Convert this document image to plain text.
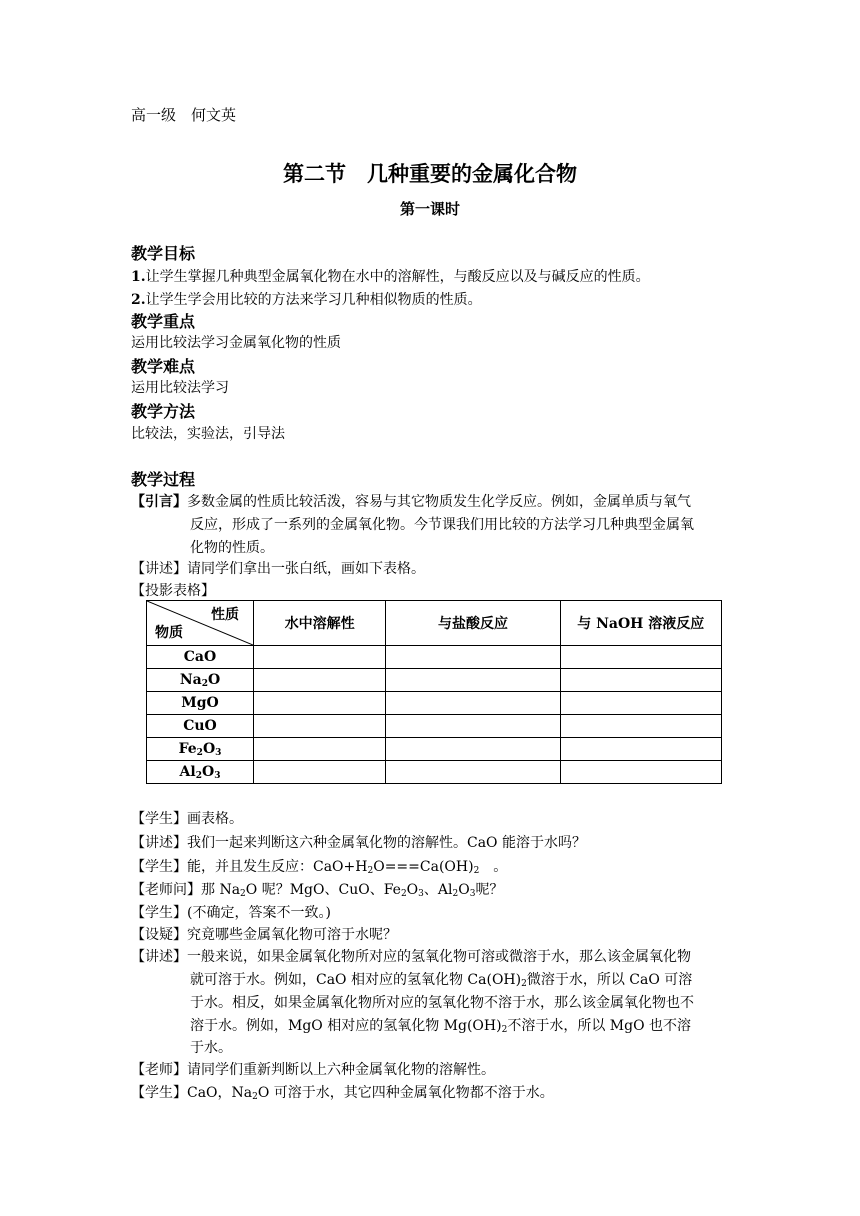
高一级　何文英
第二节　几种重要的金属化合物
第一课时
教学目标
1.让学生掌握几种典型金属氧化物在水中的溶解性，与酸反应以及与碱反应的性质。
2.让学生学会用比较的方法来学习几种相似物质的性质。
教学重点
运用比较法学习金属氧化物的性质
教学难点
运用比较法学习
教学方法
比较法，实验法，引导法
教学过程
【引言】多数金属的性质比较活泼，容易与其它物质发生化学反应。例如，金属单质与氧气
反应，形成了一系列的金属氧化物。今节课我们用比较的方法学习几种典型金属氧
化物的性质。
【讲述】请同学们拿出一张白纸，画如下表格。
【投影表格】
性质
物质	水中溶解性	与盐酸反应	与 NaOH 溶液反应
CaO			
$Na_2O$			
MgO			
CuO			
$Fe_2O_3$			
$Al_2O_3$			
【学生】画表格。
【讲述】我们一起来判断这六种金属氧化物的溶解性。CaO 能溶于水吗？
【学生】能，并且发生反应：$CaO+H_2O===Ca(OH)_2$　。
【老师问】那 $Na_2O$ 呢？MgO、CuO、$Fe_2O_3$、$Al_2O_3$呢？
【学生】(不确定，答案不一致。)
【设疑】究竟哪些金属氧化物可溶于水呢？
【讲述】一般来说，如果金属氧化物所对应的氢氧化物可溶或微溶于水，那么该金属氧化物
就可溶于水。例如，CaO 相对应的氢氧化物 $Ca(OH)_2$微溶于水，所以 CaO 可溶
于水。相反，如果金属氧化物所对应的氢氧化物不溶于水，那么该金属氧化物也不
溶于水。例如，MgO 相对应的氢氧化物 $Mg(OH)_2$不溶于水，所以 MgO 也不溶
于水。
【老师】请同学们重新判断以上六种金属氧化物的溶解性。
【学生】CaO，$Na_2O$ 可溶于水，其它四种金属氧化物都不溶于水。
